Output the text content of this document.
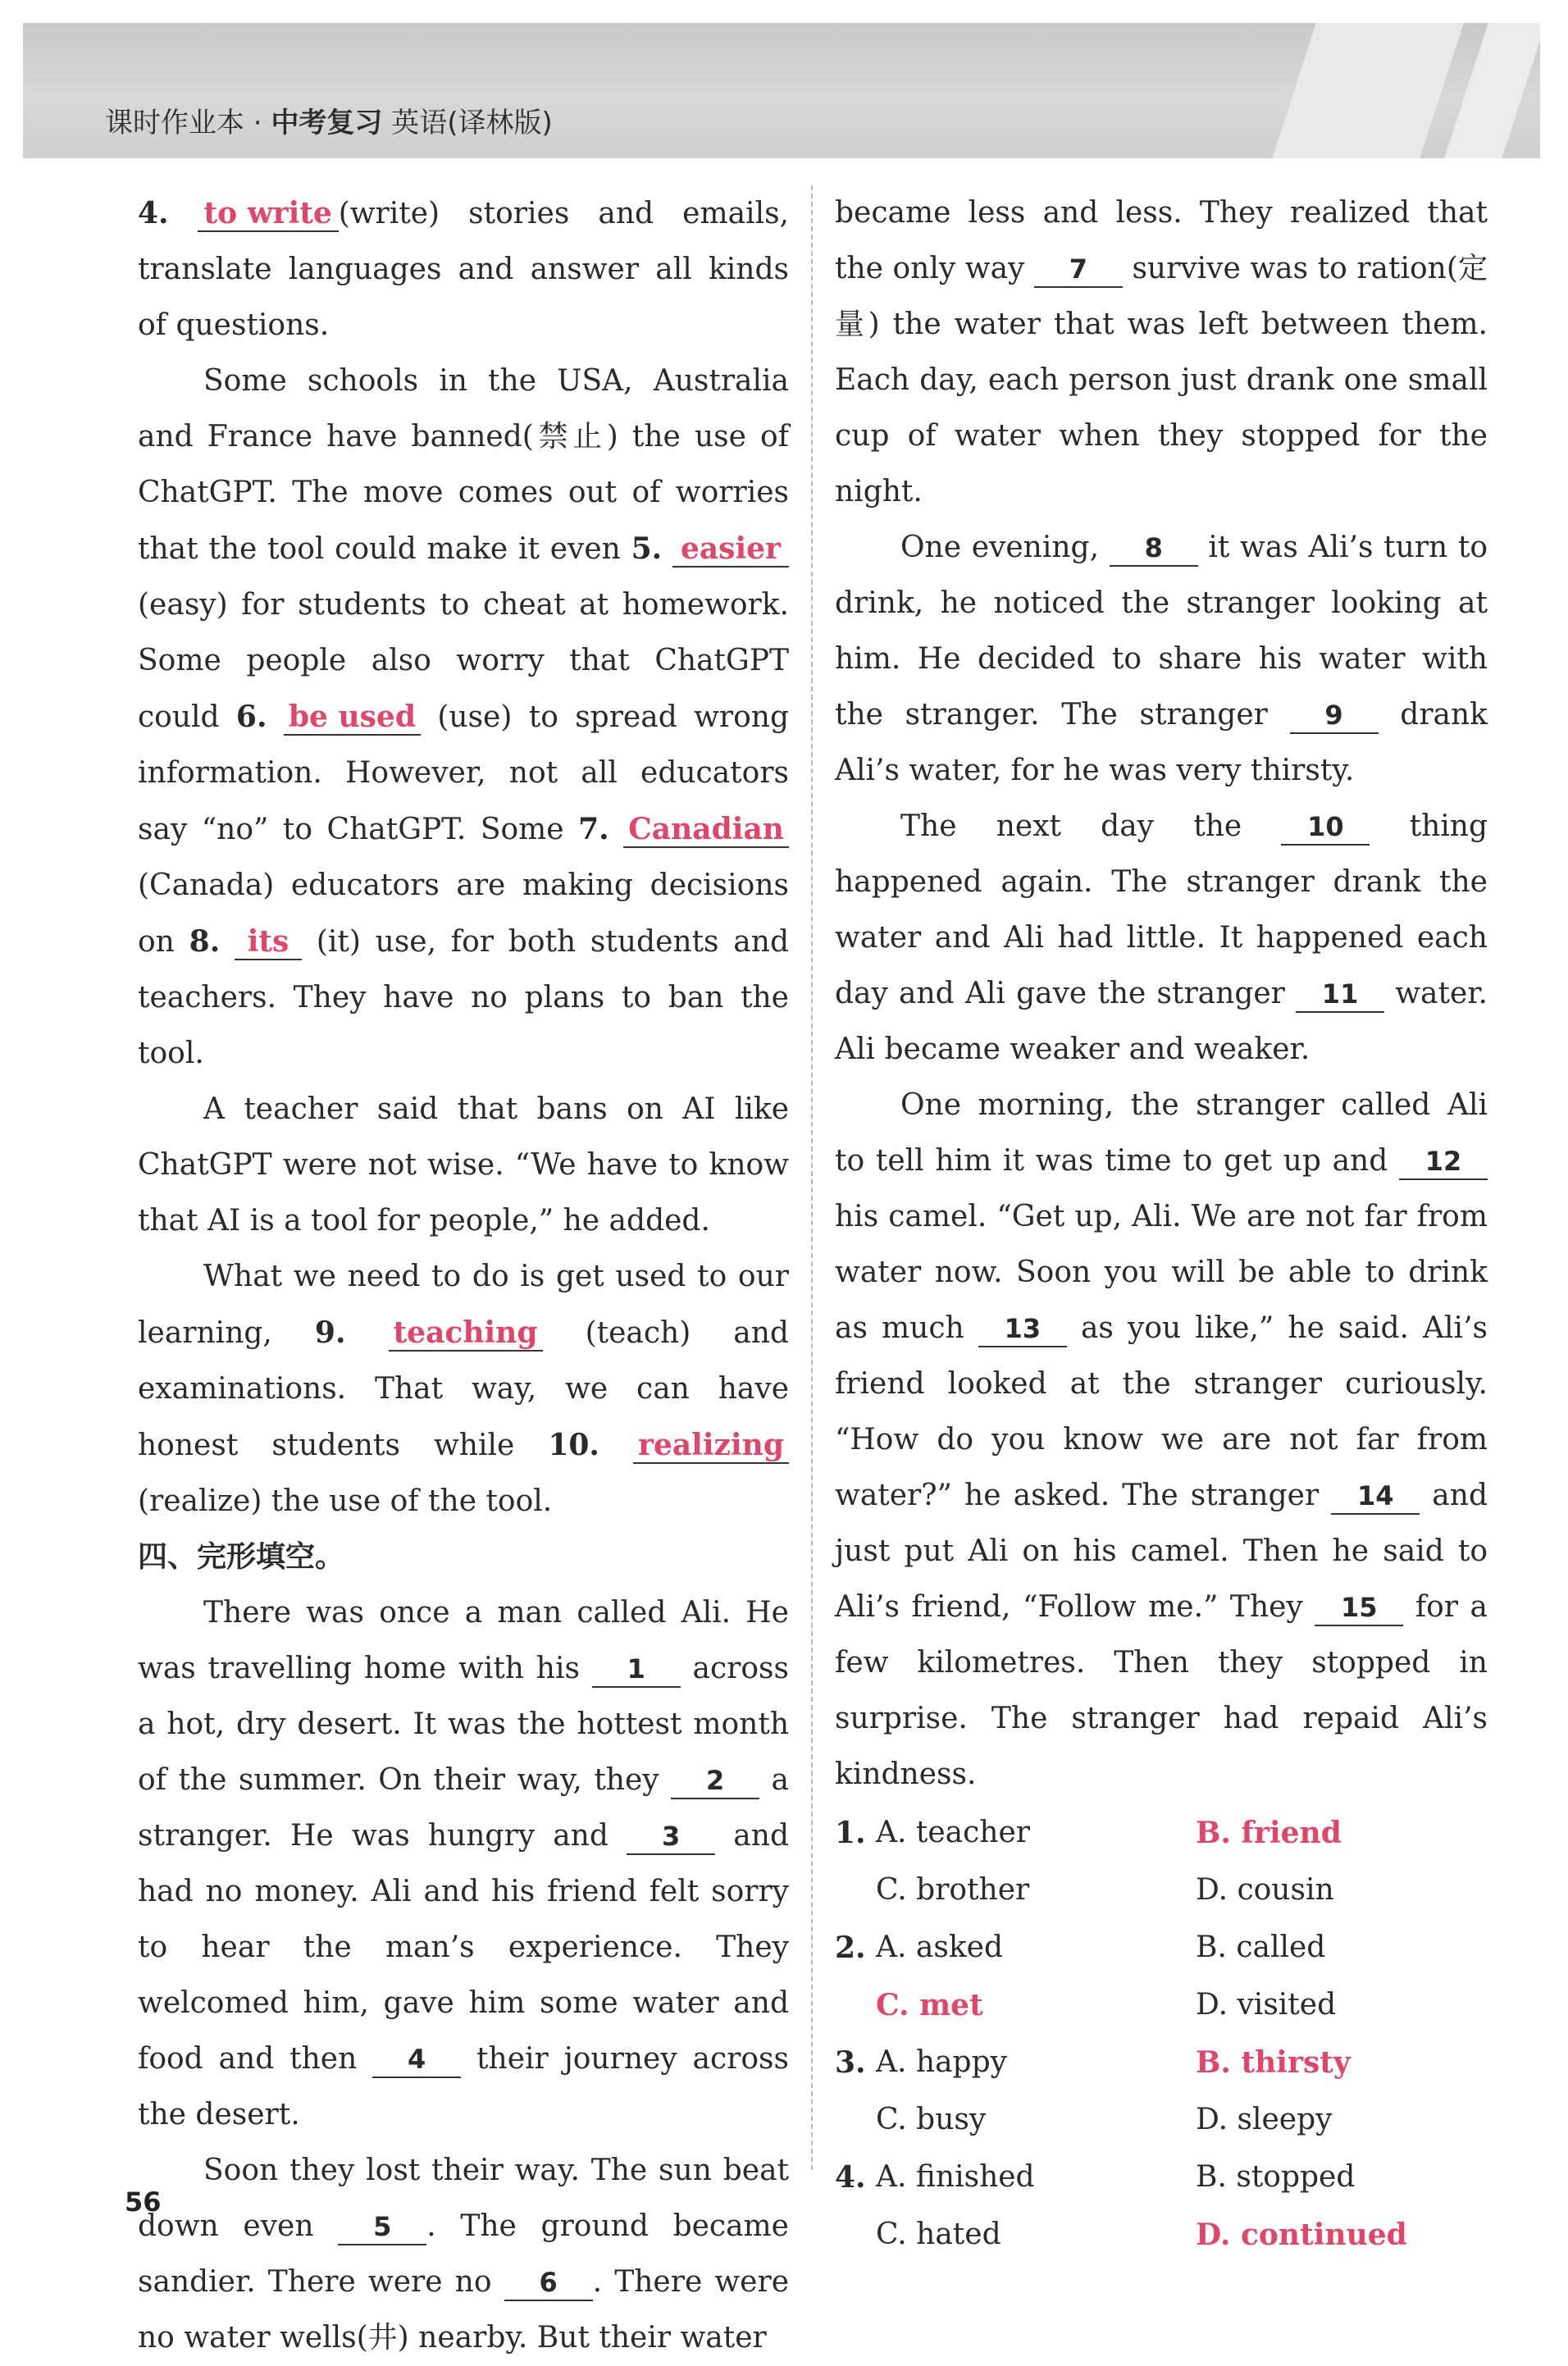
课时作业本 · 中考复习 英语(译林版)

4. to write (write) stories and emails, translate languages and answer all kinds of questions.

Some schools in the USA, Australia and France have banned(禁止) the use of ChatGPT. The move comes out of worries that the tool could make it even 5. easier (easy) for students to cheat at homework. Some people also worry that ChatGPT could 6. be used (use) to spread wrong information. However, not all educators say “no” to ChatGPT. Some 7. Canadian (Canada) educators are making decisions on 8. its (it) use, for both students and teachers. They have no plans to ban the tool.

A teacher said that bans on AI like ChatGPT were not wise. “We have to know that AI is a tool for people,” he added.

What we need to do is get used to our learning, 9. teaching (teach) and examinations. That way, we can have honest students while 10. realizing (realize) the use of the tool.

四、完形填空。

There was once a man called Ali. He was travelling home with his 1 across a hot, dry desert. It was the hottest month of the summer. On their way, they 2 a stranger. He was hungry and 3 and had no money. Ali and his friend felt sorry to hear the man’s experience. They welcomed him, gave him some water and food and then 4 their journey across the desert.

Soon they lost their way. The sun beat down even 5 . The ground became sandier. There were no 6 . There were no water wells(井) nearby. But their water

became less and less. They realized that the only way 7 survive was to ration(定量) the water that was left between them. Each day, each person just drank one small cup of water when they stopped for the night.

One evening, 8 it was Ali’s turn to drink, he noticed the stranger looking at him. He decided to share his water with the stranger. The stranger 9 drank Ali’s water, for he was very thirsty.

The next day the 10 thing happened again. The stranger drank the water and Ali had little. It happened each day and Ali gave the stranger 11 water. Ali became weaker and weaker.

One morning, the stranger called Ali to tell him it was time to get up and 12 his camel. “Get up, Ali. We are not far from water now. Soon you will be able to drink as much 13 as you like,” he said. Ali’s friend looked at the stranger curiously. “How do you know we are not far from water?” he asked. The stranger 14 and just put Ali on his camel. Then he said to Ali’s friend, “Follow me.” They 15 for a few kilometres. Then they stopped in surprise. The stranger had repaid Ali’s kindness.

1.	A. teacher	B. friend
	C. brother	D. cousin
2.	A. asked	B. called
	C. met	D. visited
3.	A. happy	B. thirsty
	C. busy	D. sleepy
4.	A. finished	B. stopped
	C. hated	D. continued
56
